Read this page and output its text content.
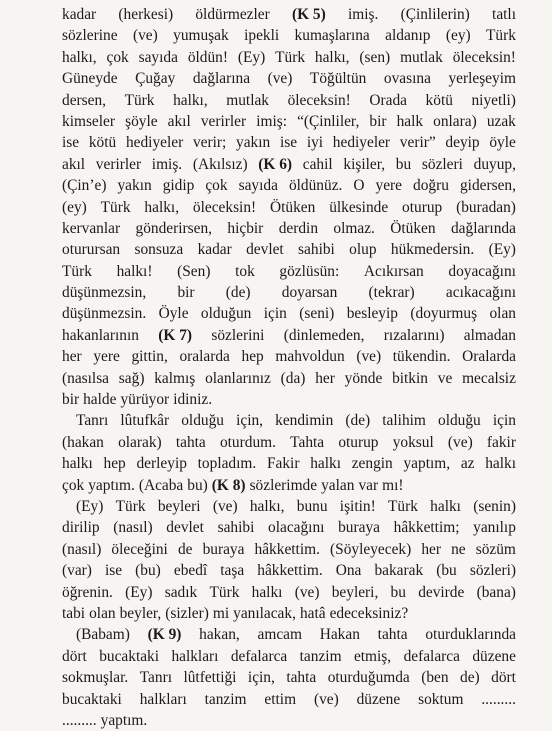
kadar (herkesi) öldürmezler (K 5) imiş. (Çinlilerin) tatlı
sözlerine (ve) yumuşak ipekli kumaşlarına aldanıp (ey) Türk
halkı, çok sayıda öldün! (Ey) Türk halkı, (sen) mutlak öleceksin!
Güneyde Çuğay dağlarına (ve) Töğültün ovasına yerleşeyim
dersen, Türk halkı, mutlak öleceksin! Orada kötü niyetli)
kimseler şöyle akıl verirler imiş: “(Çinliler, bir halk onlara) uzak
ise kötü hediyeler verir; yakın ise iyi hediyeler verir” deyip öyle
akıl verirler imiş. (Akılsız) (K 6) cahil kişiler, bu sözleri duyup,
(Çin’e) yakın gidip çok sayıda öldünüz. O yere doğru gidersen,
(ey) Türk halkı, öleceksin! Ötüken ülkesinde oturup (buradan)
kervanlar gönderirsen, hiçbir derdin olmaz. Ötüken dağlarında
oturursan sonsuza kadar devlet sahibi olup hükmedersin. (Ey)
Türk halkı! (Sen) tok gözlüsün: Acıkırsan doyacağını
düşünmezsin, bir (de) doyarsan (tekrar) acıkacağını
düşünmezsin. Öyle olduğun için (seni) besleyip (doyurmuş olan
hakanlarının (K 7) sözlerini (dinlemeden, rızalarını) almadan
her yere gittin, oralarda hep mahvoldun (ve) tükendin. Oralarda
(nasılsa sağ) kalmış olanlarınız (da) her yönde bitkin ve mecalsiz
bir halde yürüyor idiniz.
Tanrı lûtufkâr olduğu için, kendimin (de) talihim olduğu için
(hakan olarak) tahta oturdum. Tahta oturup yoksul (ve) fakir
halkı hep derleyip topladım. Fakir halkı zengin yaptım, az halkı
çok yaptım. (Acaba bu) (K 8) sözlerimde yalan var mı!
(Ey) Türk beyleri (ve) halkı, bunu işitin! Türk halkı (senin)
dirilip (nasıl) devlet sahibi olacağını buraya hâkkettim; yanılıp
(nasıl) öleceğini de buraya hâkkettim. (Söyleyecek) her ne sözüm
(var) ise (bu) ebedî taşa hâkkettim. Ona bakarak (bu sözleri)
öğrenin. (Ey) sadık Türk halkı (ve) beyleri, bu devirde (bana)
tabi olan beyler, (sizler) mi yanılacak, hatâ edeceksiniz?
(Babam) (K 9) hakan, amcam Hakan tahta oturduklarında
dört bucaktaki halkları defalarca tanzim etmiş, defalarca düzene
sokmuşlar. Tanrı lûtfettiği için, tahta oturduğumda (ben de) dört
bucaktaki halkları tanzim ettim (ve) düzene soktum .........
......... yaptım.
